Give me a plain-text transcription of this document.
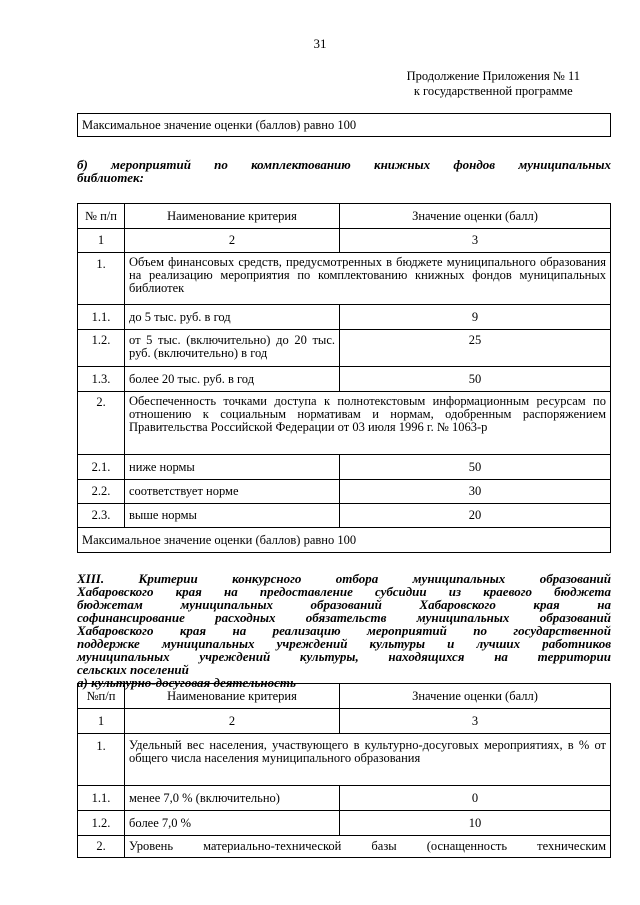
31
Продолжение Приложения № 11
к государственной программе
Максимальное значение оценки (баллов) равно 100
б) мероприятий по комплектованию книжных фондов муниципальных
библиотек:
№ п/п	Наименование критерия	Значение оценки (балл)
1	2	3
1.	Объем финансовых средств, предусмотренных в бюджете муниципального образования на реализацию мероприятия по комплектованию книжных фондов муниципальных библиотек	
1.1.	до 5 тыс. руб. в год	9
1.2.	от 5 тыс. (включительно) до 20 тыс. руб. (включительно) в год	25
1.3.	более 20 тыс. руб. в год	50
2.	Обеспеченность точками доступа к полнотекстовым информационным ресурсам по отношению к социальным нормативам и нормам, одобренным распоряжением Правительства Российской Федерации от 03 июля 1996 г. № 1063-р	
2.1.	ниже нормы	50
2.2.	соответствует норме	30
2.3.	выше нормы	20
Максимальное значение оценки (баллов) равно 100		
XIII. Критерии конкурсного отбора муниципальных образований
Хабаровского края на предоставление субсидии из краевого бюджета
бюджетам муниципальных образований Хабаровского края на
софинансирование расходных обязательств муниципальных образований
Хабаровского края на реализацию мероприятий по государственной
поддержке муниципальных учреждений культуры и лучших работников
муниципальных учреждений культуры, находящихся на территории
сельских поселений
а) культурно-досуговая деятельность
№п/п	Наименование критерия	Значение оценки (балл)
1	2	3
1.	Удельный вес населения, участвующего в культурно-досуговых мероприятиях, в % от общего числа населения муниципального образования	
1.1.	менее 7,0 % (включительно)	0
1.2.	более 7,0 %	10
2.	Уровень материально-технической базы (оснащенность техническим	
